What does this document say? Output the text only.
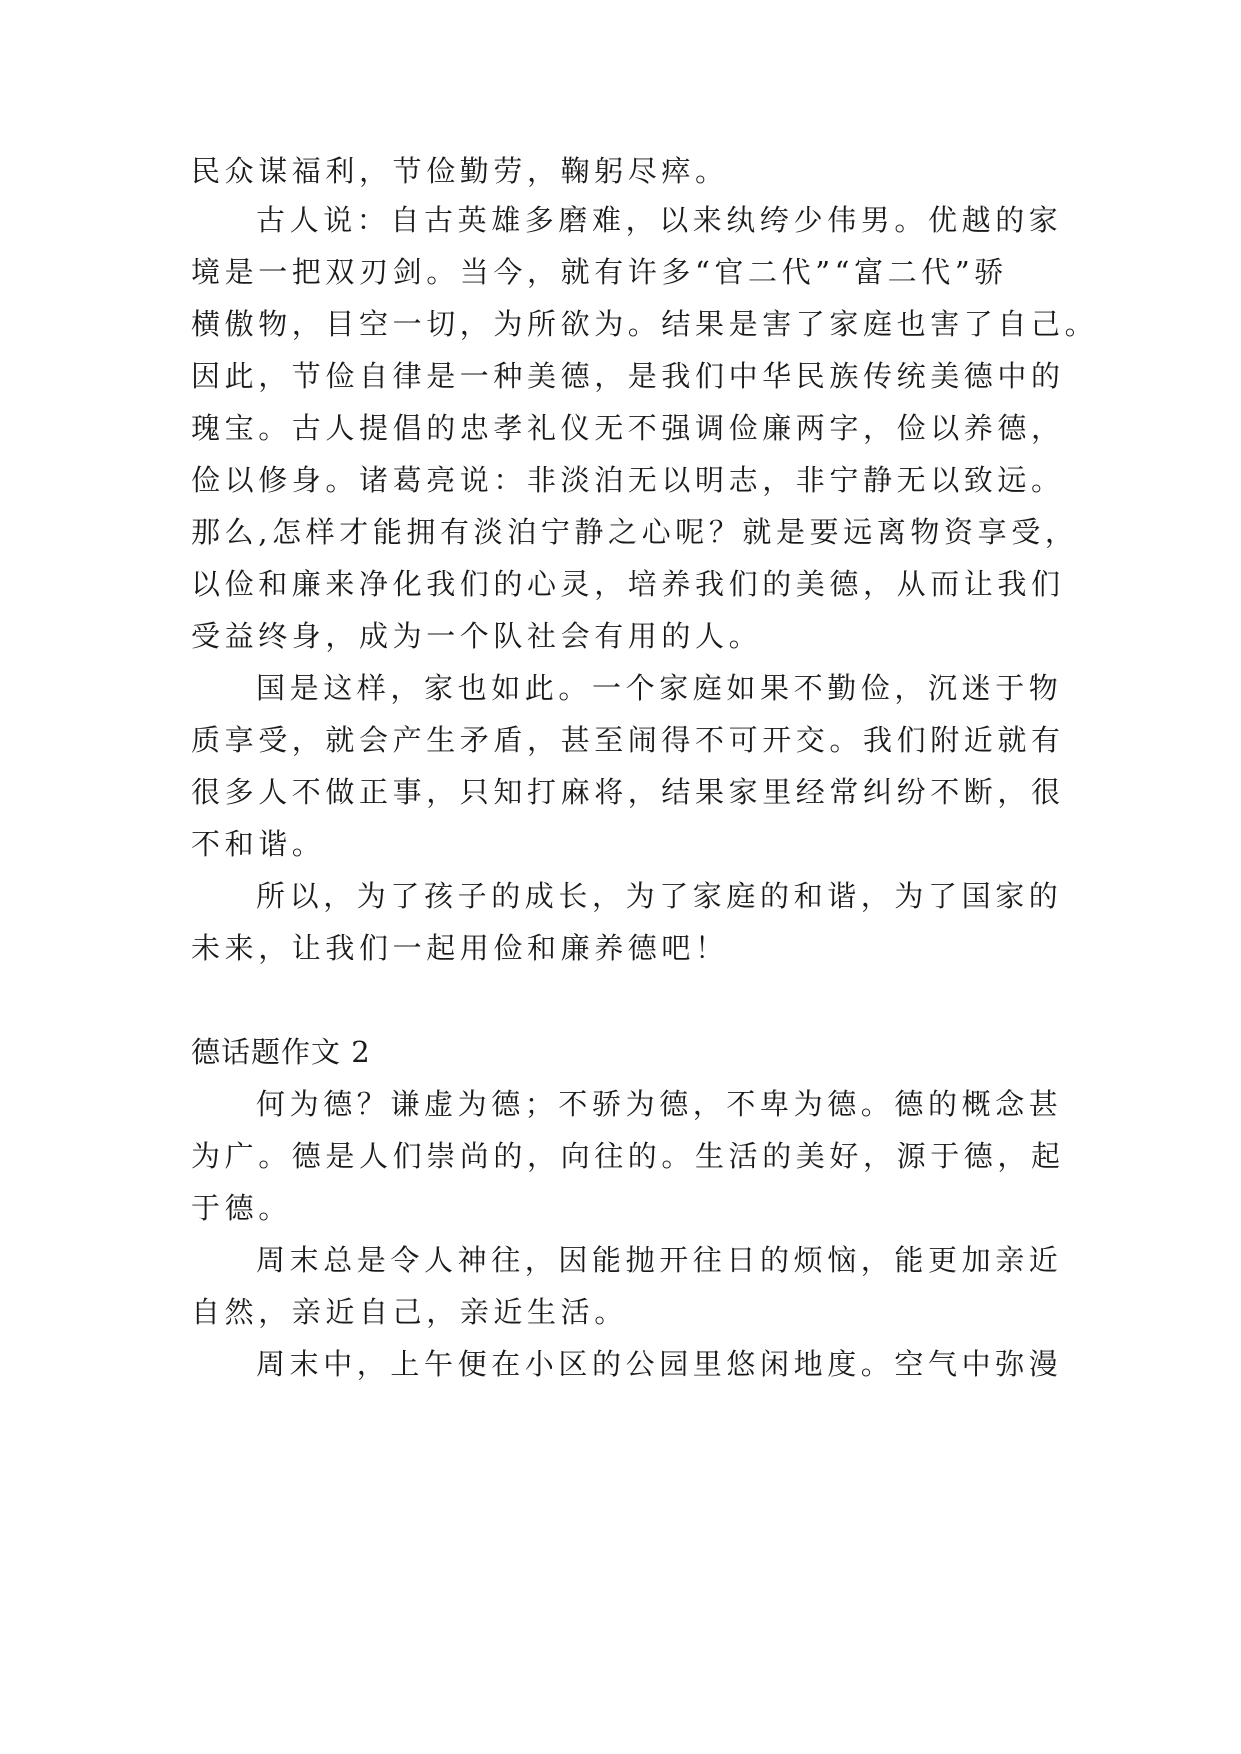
民众谋福利，节俭勤劳，鞠躬尽瘁。

古人说：自古英雄多磨难，以来纨绔少伟男。优越的家

境是一把双刃剑。当今，就有许多“官二代”“富二代”骄

横傲物，目空一切，为所欲为。结果是害了家庭也害了自己。

因此，节俭自律是一种美德，是我们中华民族传统美德中的

瑰宝。古人提倡的忠孝礼仪无不强调俭廉两字，俭以养德，

俭以修身。诸葛亮说：非淡泊无以明志，非宁静无以致远。

那么,怎样才能拥有淡泊宁静之心呢？就是要远离物资享受，

以俭和廉来净化我们的心灵，培养我们的美德，从而让我们

受益终身，成为一个队社会有用的人。

国是这样，家也如此。一个家庭如果不勤俭，沉迷于物

质享受，就会产生矛盾，甚至闹得不可开交。我们附近就有

很多人不做正事，只知打麻将，结果家里经常纠纷不断，很

不和谐。

所以，为了孩子的成长，为了家庭的和谐，为了国家的

未来，让我们一起用俭和廉养德吧！

德话题作文 2

何为德？谦虚为德；不骄为德，不卑为德。德的概念甚

为广。德是人们崇尚的，向往的。生活的美好，源于德，起

于德。

周末总是令人神往，因能抛开往日的烦恼，能更加亲近

自然，亲近自己，亲近生活。

周末中，上午便在小区的公园里悠闲地度。空气中弥漫
